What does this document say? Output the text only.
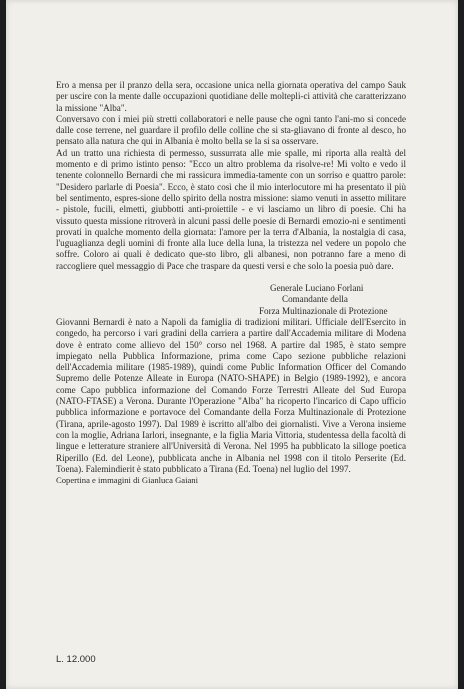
Ero a mensa per il pranzo della sera, occasione unica nella giornata operativa del campo Sauk per uscire con la mente dalle occupazioni quotidiane delle moltepli-ci attività che caratterizzano la missione "Alba".

Conversavo con i miei più stretti collaboratori e nelle pause che ogni tanto l'ani-mo si concede dalle cose terrene, nel guardare il profilo delle colline che si sta-gliavano di fronte al desco, ho pensato alla natura che qui in Albania è molto bella se la si sa osservare.

Ad un tratto una richiesta di permesso, sussurrata alle mie spalle, mi riporta alla realtà del momento e di primo istinto penso: "Ecco un altro problema da risolve-re! Mi volto e vedo il tenente colonnello Bernardi che mi rassicura immedia-tamente con un sorriso e quattro parole: "Desidero parlarle di Poesia". Ecco, è stato così che il mio interlocutore mi ha presentato il più bel sentimento, espres-sione dello spirito della nostra missione: siamo venuti in assetto militare - pistole, fucili, elmetti, giubbotti anti-proiettile - e vi lasciamo un libro di poesie. Chi ha vissuto questa missione ritroverà in alcuni passi delle poesie di Bernardi emozio-ni e sentimenti provati in qualche momento della giornata: l'amore per la terra d'Albania, la nostalgia di casa, l'uguaglianza degli uomini di fronte alla luce della luna, la tristezza nel vedere un popolo che soffre. Coloro ai quali è dedicato que-sto libro, gli albanesi, non potranno fare a meno di raccogliere quel messaggio di Pace che traspare da questi versi e che solo la poesia può dare.

Generale Luciano Forlani
Comandante della
Forza Multinazionale di Protezione

Giovanni Bernardi è nato a Napoli da famiglia di tradizioni militari. Ufficiale dell'Esercito in congedo, ha percorso i vari gradini della carriera a partire dall'Accademia militare di Modena dove è entrato come allievo del 150° corso nel 1968. A partire dal 1985, è stato sempre impiegato nella Pubblica Informazione, prima come Capo sezione pubbliche relazioni dell'Accademia militare (1985-1989), quindi come Public Information Officer del Comando Supremo delle Potenze Alleate in Europa (NATO-SHAPE) in Belgio (1989-1992), e ancora come Capo pubblica informazione del Comando Forze Terrestri Alleate del Sud Europa (NATO-FTASE) a Verona. Durante l'Operazione "Alba" ha ricoperto l'incarico di Capo ufficio pubblica informazione e portavoce del Comandante della Forza Multinazionale di Protezione (Tirana, aprile-agosto 1997). Dal 1989 è iscritto all'albo dei giornalisti. Vive a Verona insieme con la moglie, Adriana Iarlori, insegnante, e la figlia Maria Vittoria, studentessa della facoltà di lingue e letterature straniere all'Università di Verona. Nel 1995 ha pubblicato la silloge poetica Riperillo (Ed. del Leone), pubblicata anche in Albania nel 1998 con il titolo Perserite (Ed. Toena). Falemindierit è stato pubblicato a Tirana (Ed. Toena) nel luglio del 1997.

Copertina e immagini di Gianluca Gaiani

L. 12.000
